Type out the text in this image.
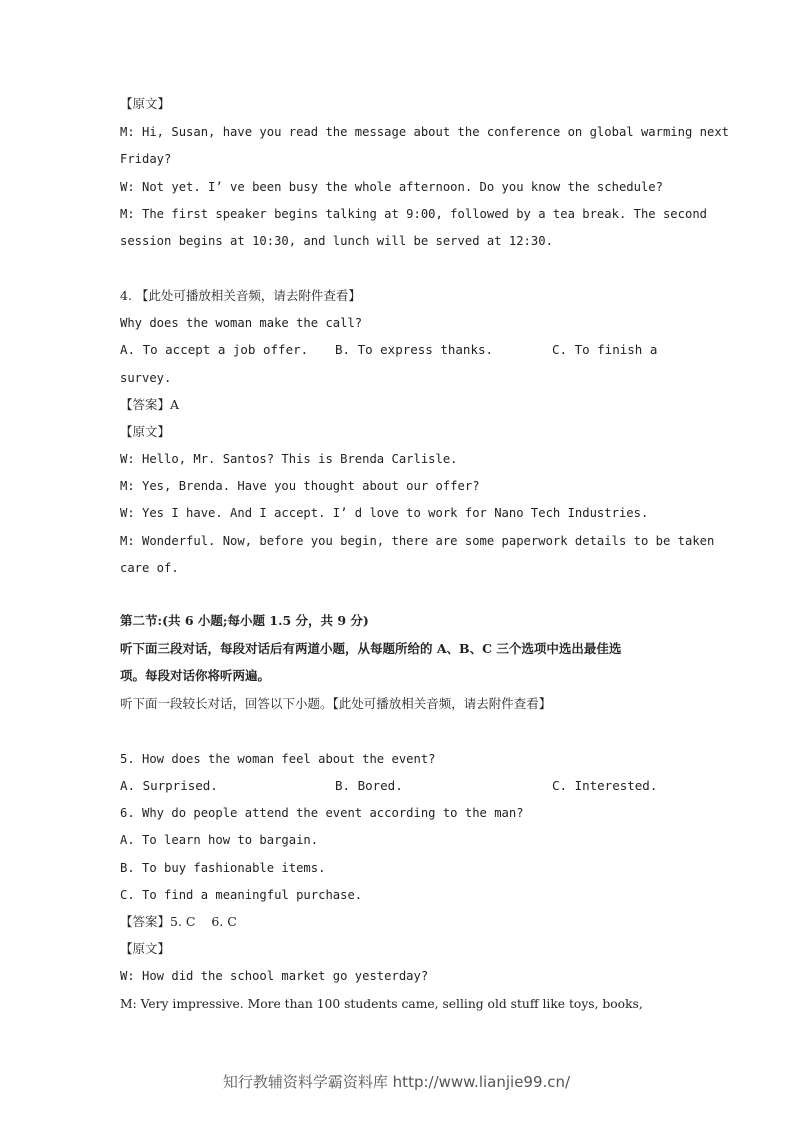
【原文】
M: Hi, Susan, have you read the message about the conference on global warming next
Friday?
W: Not yet. I’ ve been busy the whole afternoon. Do you know the schedule?
M: The first speaker begins talking at 9:00, followed by a tea break. The second
session begins at 10:30, and lunch will be served at 12:30.
4. 【此处可播放相关音频，请去附件查看】
Why does the woman make the call?
A. To accept a job offer. B. To express thanks.	C. To finish a
survey.
【答案】A
【原文】
W: Hello, Mr. Santos? This is Brenda Carlisle.
M: Yes, Brenda. Have you thought about our offer?
W: Yes I have. And I accept. I’ d love to work for Nano Tech Industries.
M: Wonderful. Now, before you begin, there are some paperwork details to be taken
care of.
第二节:(共 6 小题;每小题 1.5 分，共 9 分)
听下面三段对话，每段对话后有两道小题，从每题所给的 A、B、C 三个选项中选出最佳选
项。每段对话你将听两遍。
听下面一段较长对话，回答以下小题。【此处可播放相关音频，请去附件查看】
5. How does the woman feel about the event?
A. Surprised.	B. Bored.	C. Interested.
6. Why do people attend the event according to the man?
A. To learn how to bargain.
B. To buy fashionable items.
C. To find a meaningful purchase.
【答案】5. C    6. C
【原文】
W: How did the school market go yesterday?
M: Very impressive. More than 100 students came, selling old stuff like toys, books,
知行教辅资料学霸资料库 http://www.lianjie99.cn/
